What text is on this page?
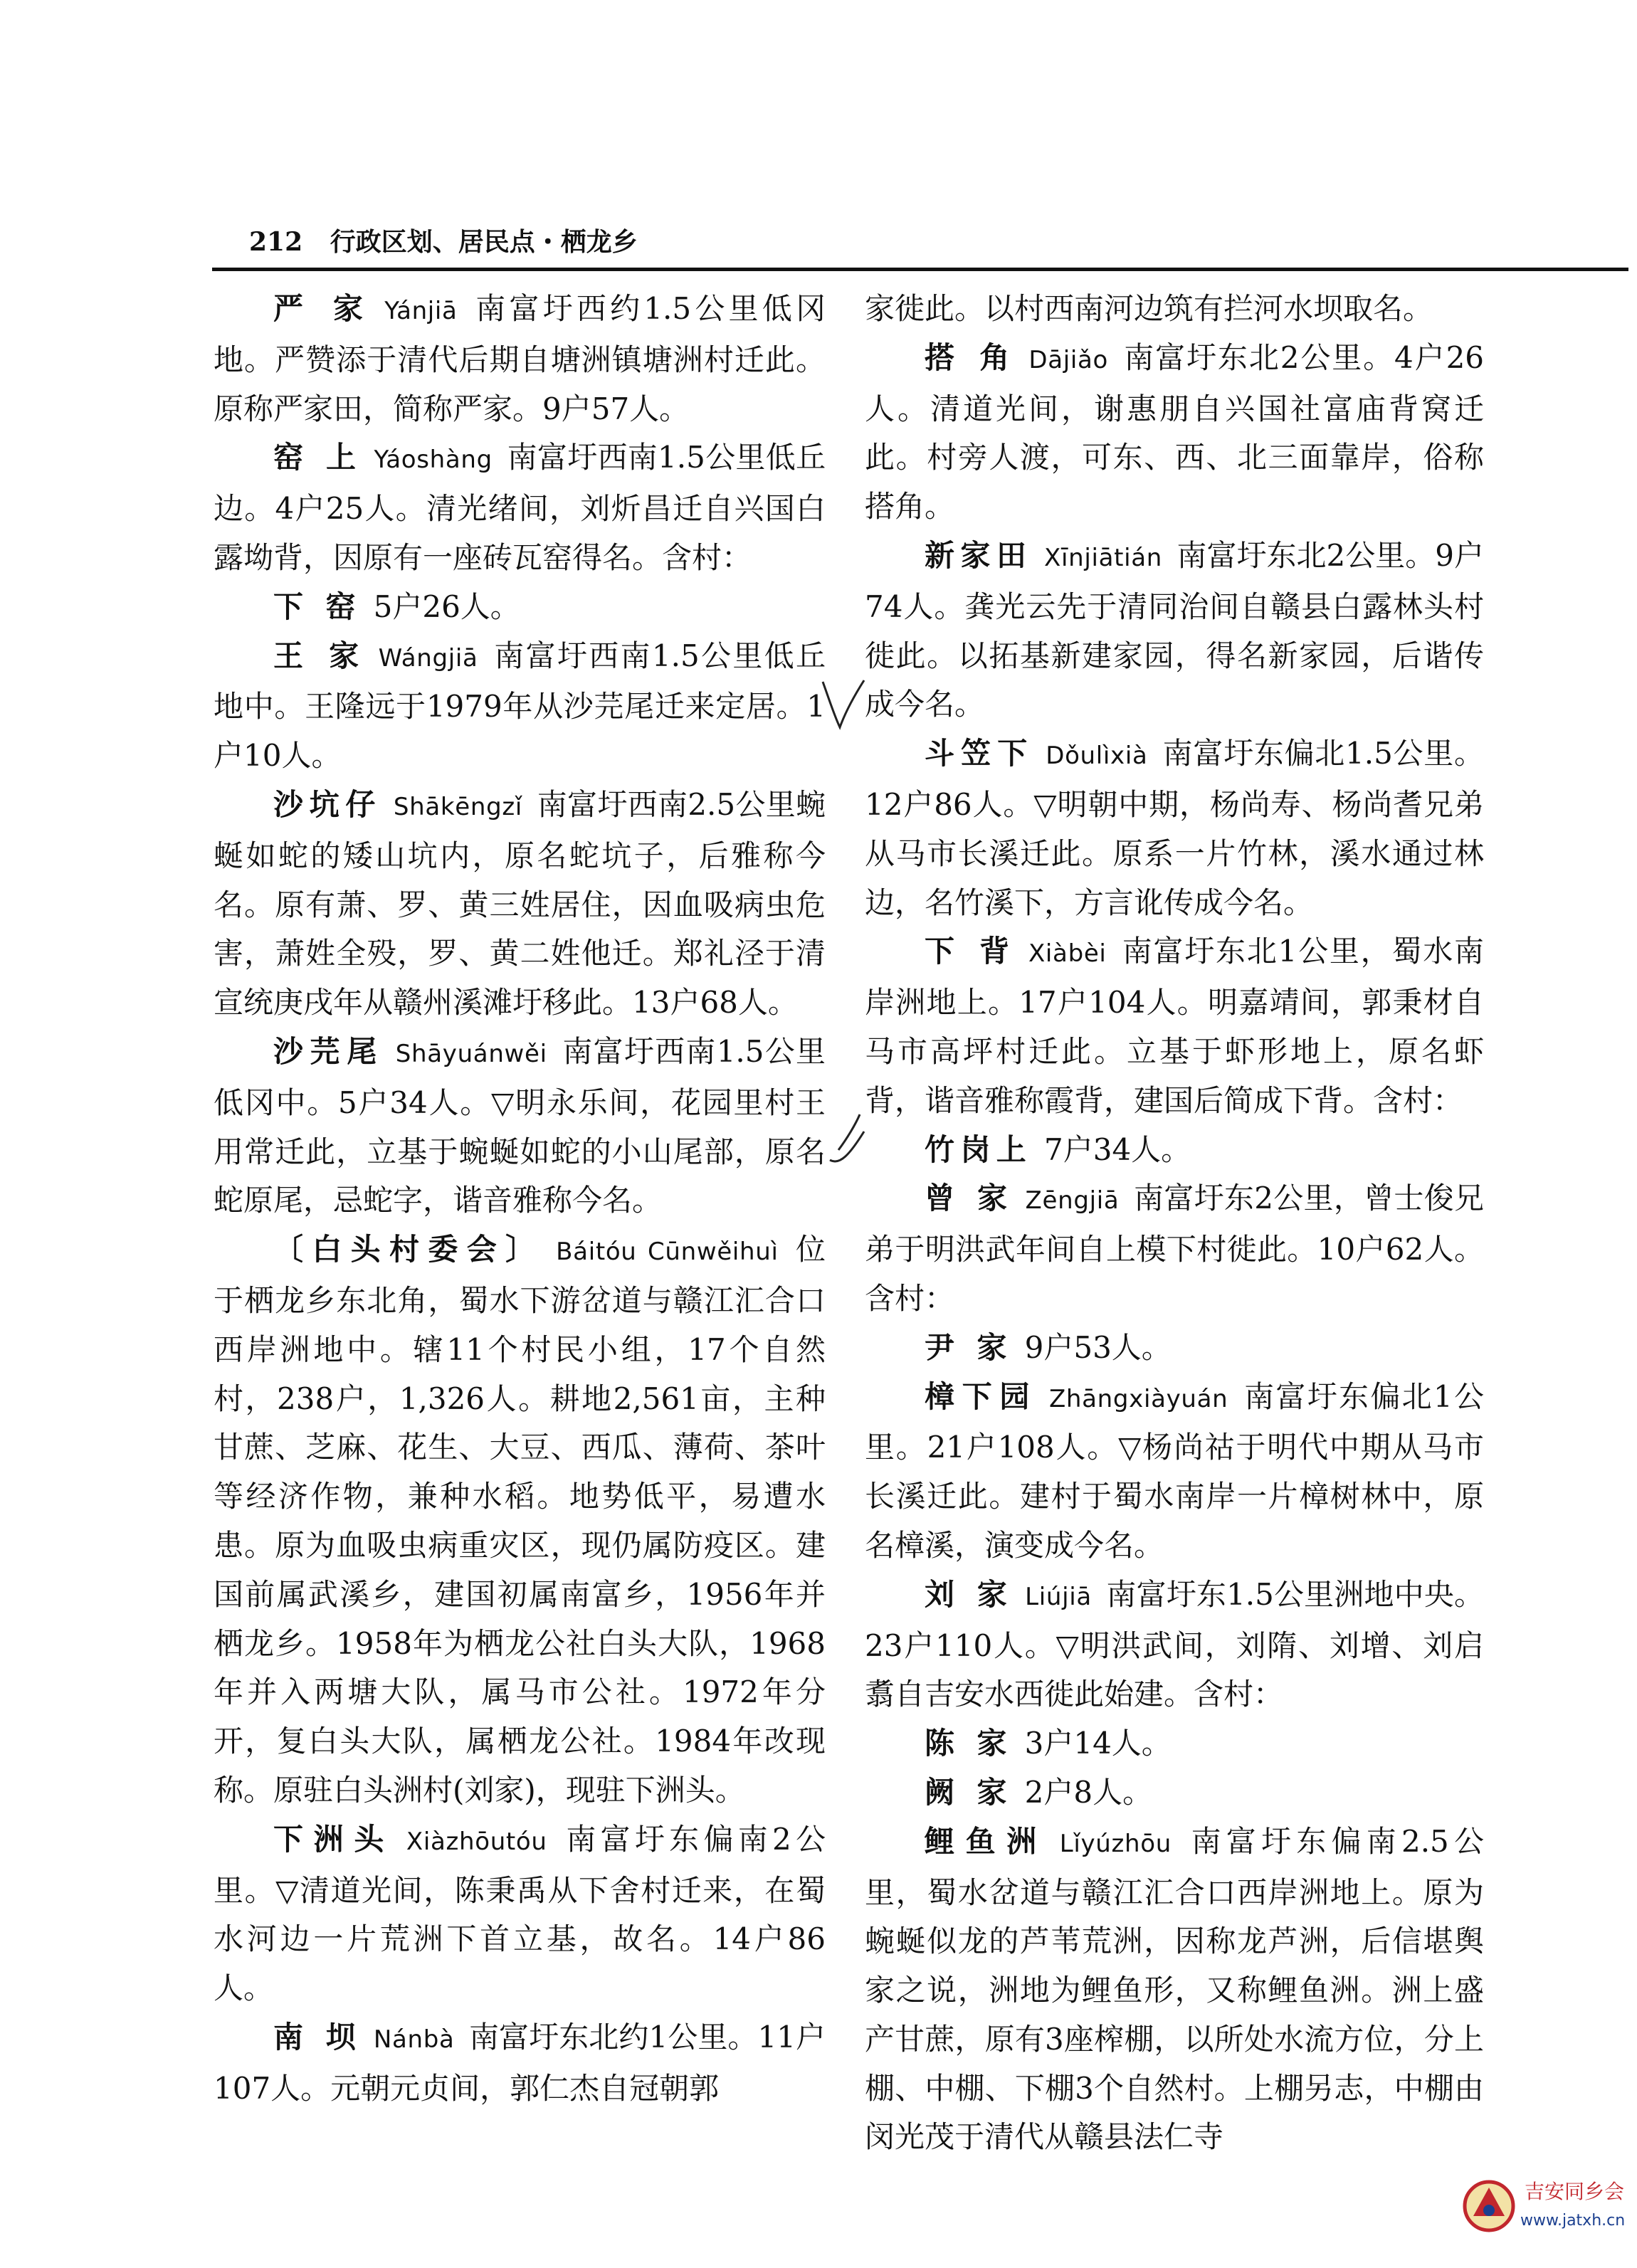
212 行政区划、居民点・栖龙乡

严 家 Yánjiā 南富圩西约1.5公里低冈地。严赞添于清代后期自塘洲镇塘洲村迁此。原称严家田，简称严家。9户57人。

窑 上 Yáoshàng 南富圩西南1.5公里低丘边。4户25人。清光绪间，刘炘昌迁自兴国白露坳背，因原有一座砖瓦窑得名。含村：

下 窑 5户26人。

王 家 Wángjiā 南富圩西南1.5公里低丘地中。王隆远于1979年从沙芫尾迁来定居。1户10人。

沙坑仔 Shākēngzǐ 南富圩西南2.5公里蜿蜒如蛇的矮山坑内，原名蛇坑子，后雅称今名。原有萧、罗、黄三姓居住，因血吸病虫危害，萧姓全殁，罗、黄二姓他迁。郑礼泾于清宣统庚戌年从赣州溪滩圩移此。13户68人。

沙芫尾 Shāyuánwěi 南富圩西南1.5公里低冈中。5户34人。▽明永乐间，花园里村王用常迁此，立基于蜿蜒如蛇的小山尾部，原名蛇原尾，忌蛇字，谐音雅称今名。

〔白头村委会〕 Báitóu Cūnwěihuì 位于栖龙乡东北角，蜀水下游岔道与赣江汇合口西岸洲地中。辖11个村民小组，17个自然村，238户，1,326人。耕地2,561亩，主种甘蔗、芝麻、花生、大豆、西瓜、薄荷、茶叶等经济作物，兼种水稻。地势低平，易遭水患。原为血吸虫病重灾区，现仍属防疫区。建国前属武溪乡，建国初属南富乡，1956年并栖龙乡。1958年为栖龙公社白头大队，1968年并入两塘大队，属马市公社。1972年分开，复白头大队，属栖龙公社。1984年改现称。原驻白头洲村(刘家)，现驻下洲头。

下洲头 Xiàzhōutóu 南富圩东偏南2公里。▽清道光间，陈秉禹从下舍村迁来，在蜀水河边一片荒洲下首立基，故名。14户86人。

南 坝 Nánbà 南富圩东北约1公里。11户107人。元朝元贞间，郭仁杰自冠朝郭

家徙此。以村西南河边筑有拦河水坝取名。

搭 角 Dājiǎo 南富圩东北2公里。4户26人。清道光间，谢惠朋自兴国社富庙背窝迁此。村旁人渡，可东、西、北三面靠岸，俗称搭角。

新家田 Xīnjiātián 南富圩东北2公里。9户74人。龚光云先于清同治间自赣县白露林头村徙此。以拓基新建家园，得名新家园，后谐传成今名。

斗笠下 Dǒulìxià 南富圩东偏北1.5公里。12户86人。▽明朝中期，杨尚寿、杨尚耆兄弟从马市长溪迁此。原系一片竹林，溪水通过林边，名竹溪下，方言讹传成今名。

下 背 Xiàbèi 南富圩东北1公里，蜀水南岸洲地上。17户104人。明嘉靖间，郭秉材自马市高坪村迁此。立基于虾形地上，原名虾背，谐音雅称霞背，建国后简成下背。含村：

竹岗上 7户34人。

曾 家 Zēngjiā 南富圩东2公里，曾士俊兄弟于明洪武年间自上模下村徙此。10户62人。含村：

尹 家 9户53人。

樟下园 Zhāngxiàyuán 南富圩东偏北1公里。21户108人。▽杨尚祜于明代中期从马市长溪迁此。建村于蜀水南岸一片樟树林中，原名樟溪，演变成今名。

刘 家 Liújiā 南富圩东1.5公里洲地中央。23户110人。▽明洪武间，刘隋、刘增、刘启翥自吉安水西徙此始建。含村：

陈 家 3户14人。

阙 家 2户8人。

鲤鱼洲 Lǐyúzhōu 南富圩东偏南2.5公里，蜀水岔道与赣江汇合口西岸洲地上。原为蜿蜒似龙的芦苇荒洲，因称龙芦洲，后信堪舆家之说，洲地为鲤鱼形，又称鲤鱼洲。洲上盛产甘蔗，原有3座榨棚，以所处水流方位，分上棚、中棚、下棚3个自然村。上棚另志，中棚由闵光茂于清代从赣县法仁寺

吉安同乡会
www.jatxh.cn
